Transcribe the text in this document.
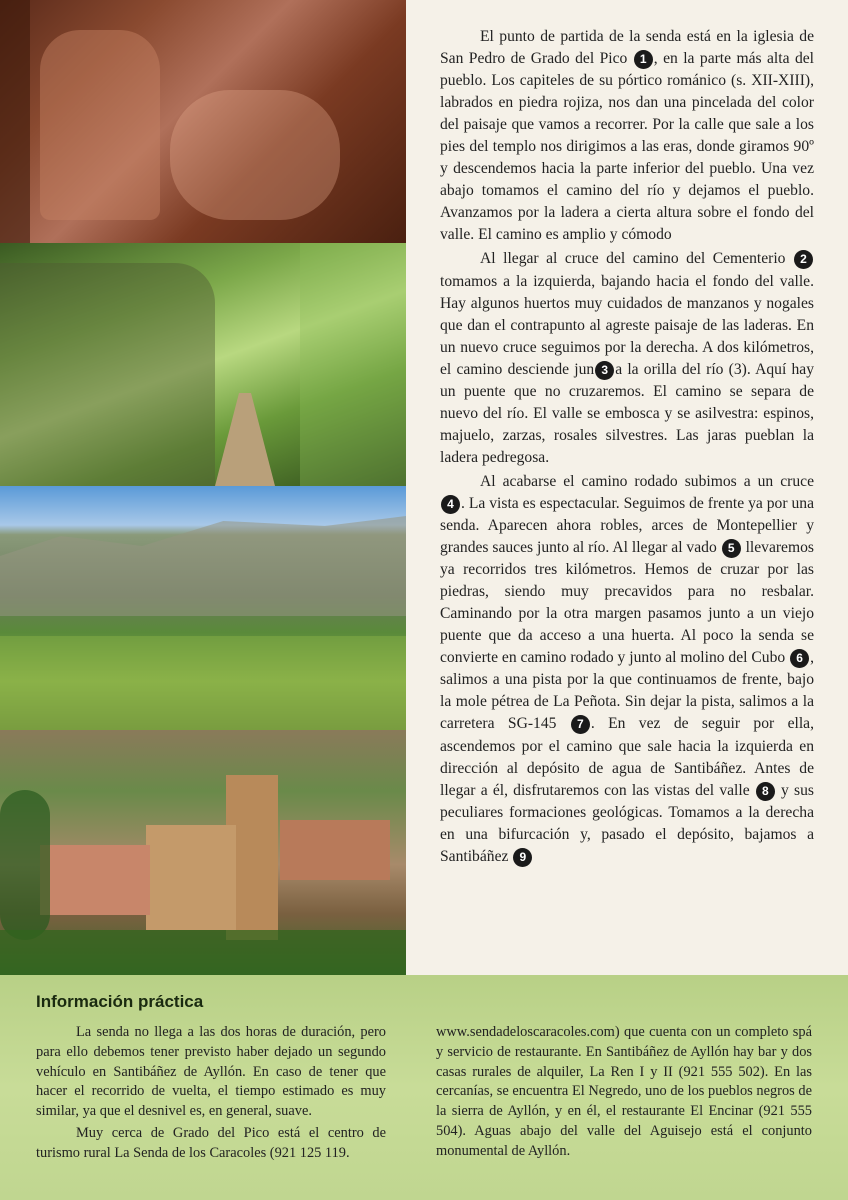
El punto de partida de la senda está en la iglesia de San Pedro de Grado del Pico 1 , en la parte más alta del pueblo. Los capiteles de su pórtico románico (s. XII-XIII), labrados en piedra rojiza, nos dan una pincelada del color del paisaje que vamos a recorrer. Por la calle que sale a los pies del templo nos dirigimos a las eras, donde giramos 90º y descendemos hacia la parte inferior del pueblo. Una vez abajo tomamos el camino del río y dejamos el pueblo. Avanzamos por la ladera a cierta altura sobre el fondo del valle. El camino es amplio y cómodo

Al llegar al cruce del camino del Cementerio 2 tomamos a la izquierda, bajando hacia el fondo del valle. Hay algunos huertos muy cuidados de manzanos y nogales que dan el contrapunto al agreste paisaje de las laderas. En un nuevo cruce seguimos por la derecha. A dos kilómetros, el camino desciende jun 3 a la orilla del río (3). Aquí hay un puente que no cruzaremos. El camino se separa de nuevo del río. El valle se embosca y se asilvestra: espinos, majuelo, zarzas, rosales silvestres. Las jaras pueblan la ladera pedregosa.

Al acabarse el camino rodado subimos a un cruce 4 . La vista es espectacular. Seguimos de frente ya por una senda. Aparecen ahora robles, arces de Montepellier y grandes sauces junto al río. Al llegar al vado 5 llevaremos ya recorridos tres kilómetros. Hemos de cruzar por las piedras, siendo muy precavidos para no resbalar. Caminando por la otra margen pasamos junto a un viejo puente que da acceso a una huerta. Al poco la senda se convierte en camino rodado y junto al molino del Cubo 6 , salimos a una pista por la que continuamos de frente, bajo la mole pétrea de La Peñota. Sin dejar la pista, salimos a la carretera SG-145 7 . En vez de seguir por ella, ascendemos por el camino que sale hacia la izquierda en dirección al depósito de agua de Santibáñez. Antes de llegar a él, disfrutaremos con las vistas del valle 8 y sus peculiares formaciones geológicas. Tomamos a la derecha en una bifurcación y, pasado el depósito, bajamos a Santibáñez 9

Información práctica

La senda no llega a las dos horas de duración, pero para ello debemos tener previsto haber dejado un segundo vehículo en Santibáñez de Ayllón. En caso de tener que hacer el recorrido de vuelta, el tiempo estimado es muy similar, ya que el desnivel es, en general, suave.

Muy cerca de Grado del Pico está el centro de turismo rural La Senda de los Caracoles (921 125 119.

www.sendadeloscaracoles.com) que cuenta con un completo spá y servicio de restaurante. En Santibáñez de Ayllón hay bar y dos casas rurales de alquiler, La Ren I y II (921 555 502). En las cercanías, se encuentra El Negredo, uno de los pueblos negros de la sierra de Ayllón, y en él, el restaurante El Encinar (921 555 504). Aguas abajo del valle del Aguisejo está el conjunto monumental de Ayllón.
